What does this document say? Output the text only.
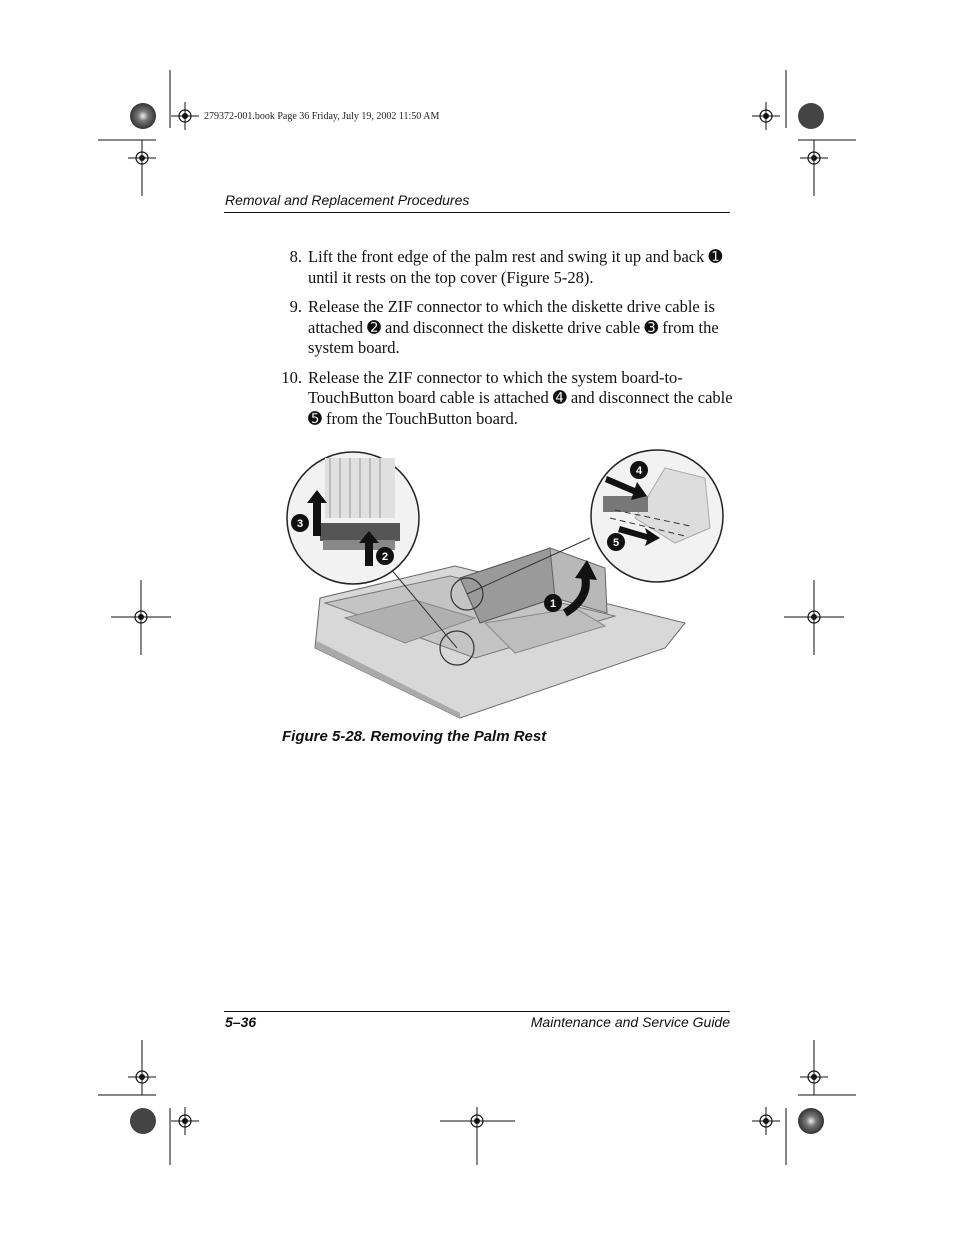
279372-001.book Page 36 Friday, July 19, 2002 11:50 AM
Removal and Replacement Procedures
8. Lift the front edge of the palm rest and swing it up and back ➊ until it rests on the top cover (Figure 5-28).
9. Release the ZIF connector to which the diskette drive cable is attached ➋ and disconnect the diskette drive cable ➌ from the system board.
10. Release the ZIF connector to which the system board-to-TouchButton board cable is attached ➍ and disconnect the cable ➎ from the TouchButton board.
1
3
2
4
5
Figure 5-28. Removing the Palm Rest
5–36	Maintenance and Service Guide
